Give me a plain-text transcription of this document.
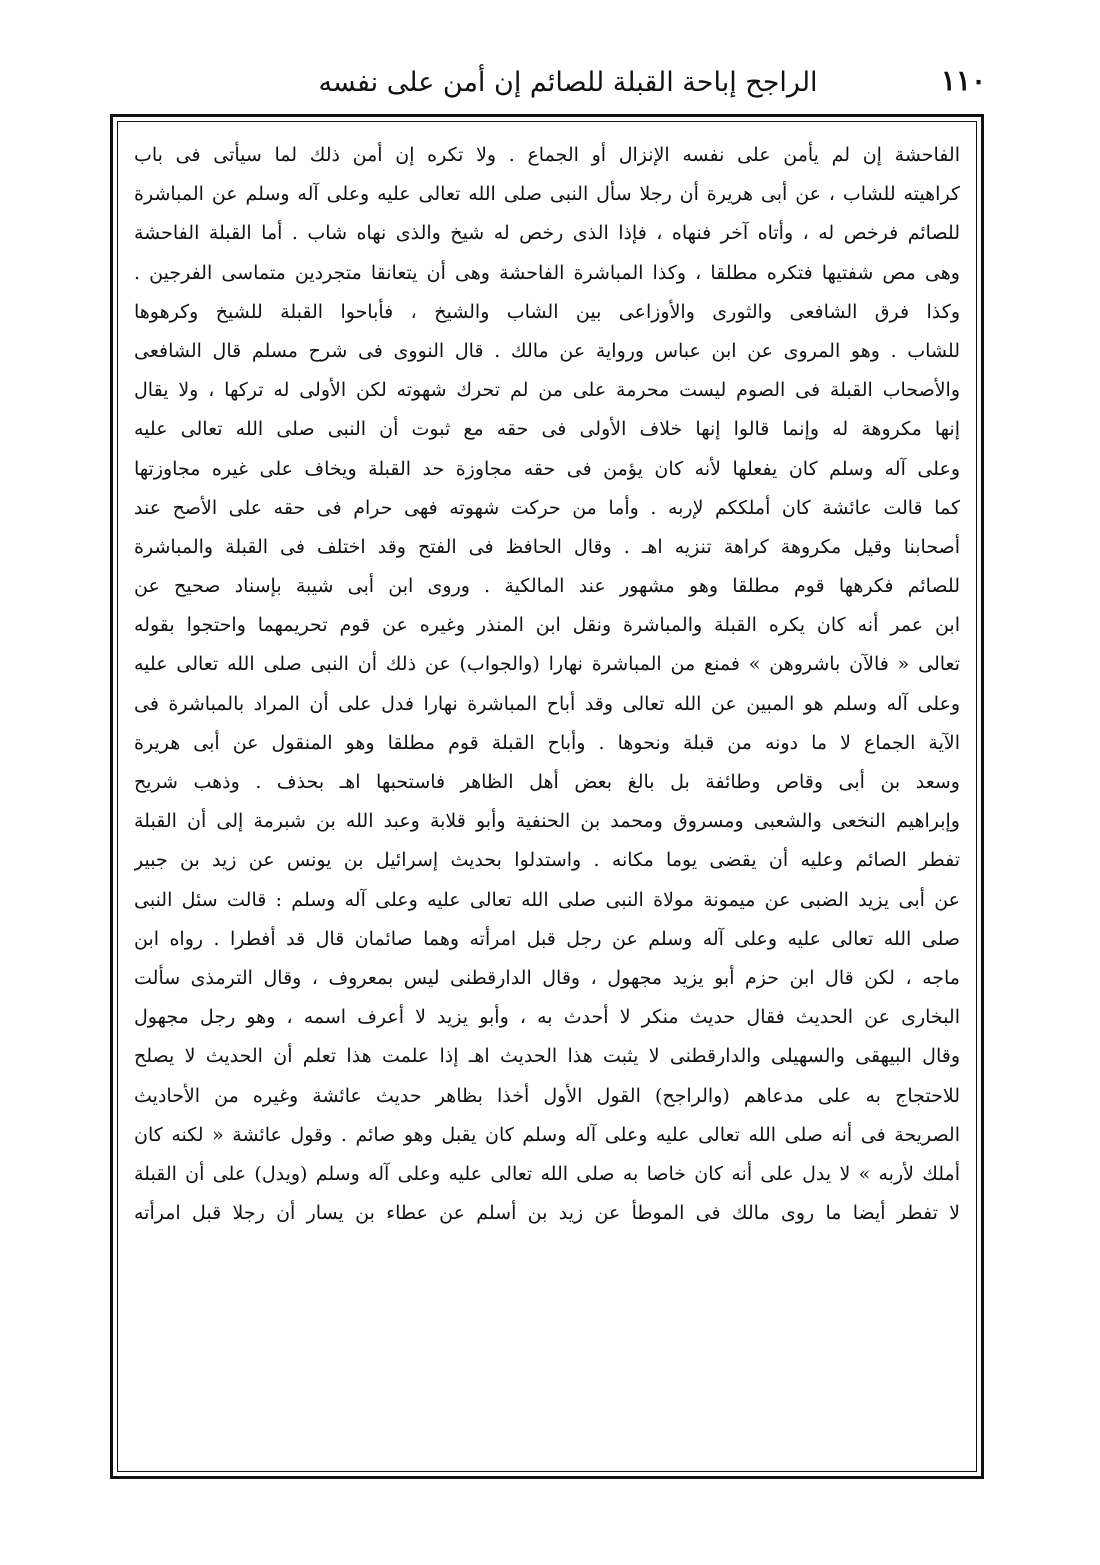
١١٠
الراجح إباحة القبلة للصائم إن أمن على نفسه
الفاحشة إن لم يأمن على نفسه الإنزال أو الجماع . ولا تكره إن أمن ذلك لما سيأتى فى باب
كراهيته للشاب ، عن أبى هريرة أن رجلا سأل النبى صلى الله تعالى عليه وعلى آله وسلم عن المباشرة
للصائم فرخص له ، وأتاه آخر فنهاه ، فإذا الذى رخص له شيخ والذى نهاه شاب . أما القبلة الفاحشة
وهى مص شفتيها فتكره مطلقا ، وكذا المباشرة الفاحشة وهى أن يتعانقا متجردين متماسى الفرجين .
وكذا فرق الشافعى والثورى والأوزاعى بين الشاب والشيخ ، فأباحوا القبلة للشيخ وكرهوها
للشاب . وهو المروى عن ابن عباس ورواية عن مالك . قال النووى فى شرح مسلم قال الشافعى
والأصحاب القبلة فى الصوم ليست محرمة على من لم تحرك شهوته لكن الأولى له تركها ، ولا يقال
إنها مكروهة له وإنما قالوا إنها خلاف الأولى فى حقه مع ثبوت أن النبى صلى الله تعالى عليه
وعلى آله وسلم كان يفعلها لأنه كان يؤمن فى حقه مجاوزة حد القبلة ويخاف على غيره مجاوزتها
كما قالت عائشة كان أملككم لإربه . وأما من حركت شهوته فهى حرام فى حقه على الأصح عند
أصحابنا وقيل مكروهة كراهة تنزيه اهـ . وقال الحافظ فى الفتح وقد اختلف فى القبلة والمباشرة
للصائم فكرهها قوم مطلقا وهو مشهور عند المالكية . وروى ابن أبى شيبة بإسناد صحيح عن
ابن عمر أنه كان يكره القبلة والمباشرة ونقل ابن المنذر وغيره عن قوم تحريمهما واحتجوا بقوله
تعالى « فالآن باشروهن » فمنع من المباشرة نهارا (والجواب) عن ذلك أن النبى صلى الله تعالى عليه
وعلى آله وسلم هو المبين عن الله تعالى وقد أباح المباشرة نهارا فدل على أن المراد بالمباشرة فى
الآية الجماع لا ما دونه من قبلة ونحوها . وأباح القبلة قوم مطلقا وهو المنقول عن أبى هريرة
وسعد بن أبى وقاص وطائفة بل بالغ بعض أهل الظاهر فاستحبها اهـ بحذف . وذهب شريح
وإبراهيم النخعى والشعبى ومسروق ومحمد بن الحنفية وأبو قلابة وعبد الله بن شبرمة إلى أن القبلة
تفطر الصائم وعليه أن يقضى يوما مكانه . واستدلوا بحديث إسرائيل بن يونس عن زيد بن جبير
عن أبى يزيد الضبى عن ميمونة مولاة النبى صلى الله تعالى عليه وعلى آله وسلم : قالت سئل النبى
صلى الله تعالى عليه وعلى آله وسلم عن رجل قبل امرأته وهما صائمان قال قد أفطرا . رواه ابن
ماجه ، لكن قال ابن حزم أبو يزيد مجهول ، وقال الدارقطنى ليس بمعروف ، وقال الترمذى سألت
البخارى عن الحديث فقال حديث منكر لا أحدث به ، وأبو يزيد لا أعرف اسمه ، وهو رجل مجهول
وقال البيهقى والسهيلى والدارقطنى لا يثبت هذا الحديث اهـ إذا علمت هذا تعلم أن الحديث لا يصلح
للاحتجاج به على مدعاهم (والراجح) القول الأول أخذا بظاهر حديث عائشة وغيره من الأحاديث
الصريحة فى أنه صلى الله تعالى عليه وعلى آله وسلم كان يقبل وهو صائم . وقول عائشة « لكنه كان
أملك لأربه » لا يدل على أنه كان خاصا به صلى الله تعالى عليه وعلى آله وسلم (ويدل) على أن القبلة
لا تفطر أيضا ما روى مالك فى الموطأ عن زيد بن أسلم عن عطاء بن يسار أن رجلا قبل امرأته
